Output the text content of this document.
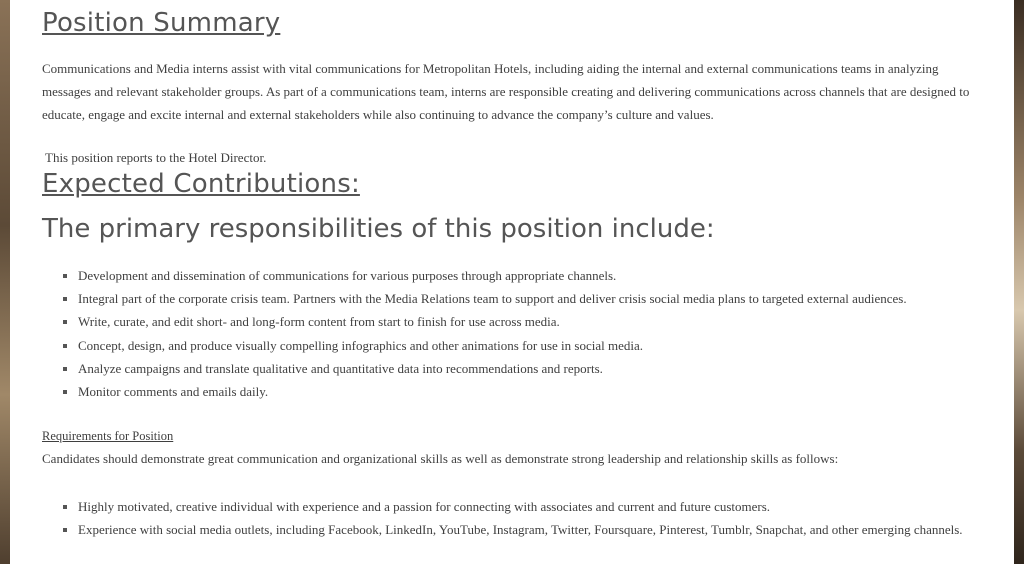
Position Summary

Communications and Media interns assist with vital communications for Metropolitan Hotels, including aiding the internal and external communications teams in analyzing messages and relevant stakeholder groups. As part of a communications team, interns are responsible creating and delivering communications across channels that are designed to educate, engage and excite internal and external stakeholders while also continuing to advance the company’s culture and values.

This position reports to the Hotel Director.

Expected Contributions:
The primary responsibilities of this position include:
Development and dissemination of communications for various purposes through appropriate channels.
Integral part of the corporate crisis team. Partners with the Media Relations team to support and deliver crisis social media plans to targeted external audiences.
Write, curate, and edit short- and long-form content from start to finish for use across media.
Concept, design, and produce visually compelling infographics and other animations for use in social media.
Analyze campaigns and translate qualitative and quantitative data into recommendations and reports.
Monitor comments and emails daily.

Requirements for Position

Candidates should demonstrate great communication and organizational skills as well as demonstrate strong leadership and relationship skills as follows:

Highly motivated, creative individual with experience and a passion for connecting with associates and current and future customers.
Experience with social media outlets, including Facebook, LinkedIn, YouTube, Instagram, Twitter, Foursquare, Pinterest, Tumblr, Snapchat, and other emerging channels.
